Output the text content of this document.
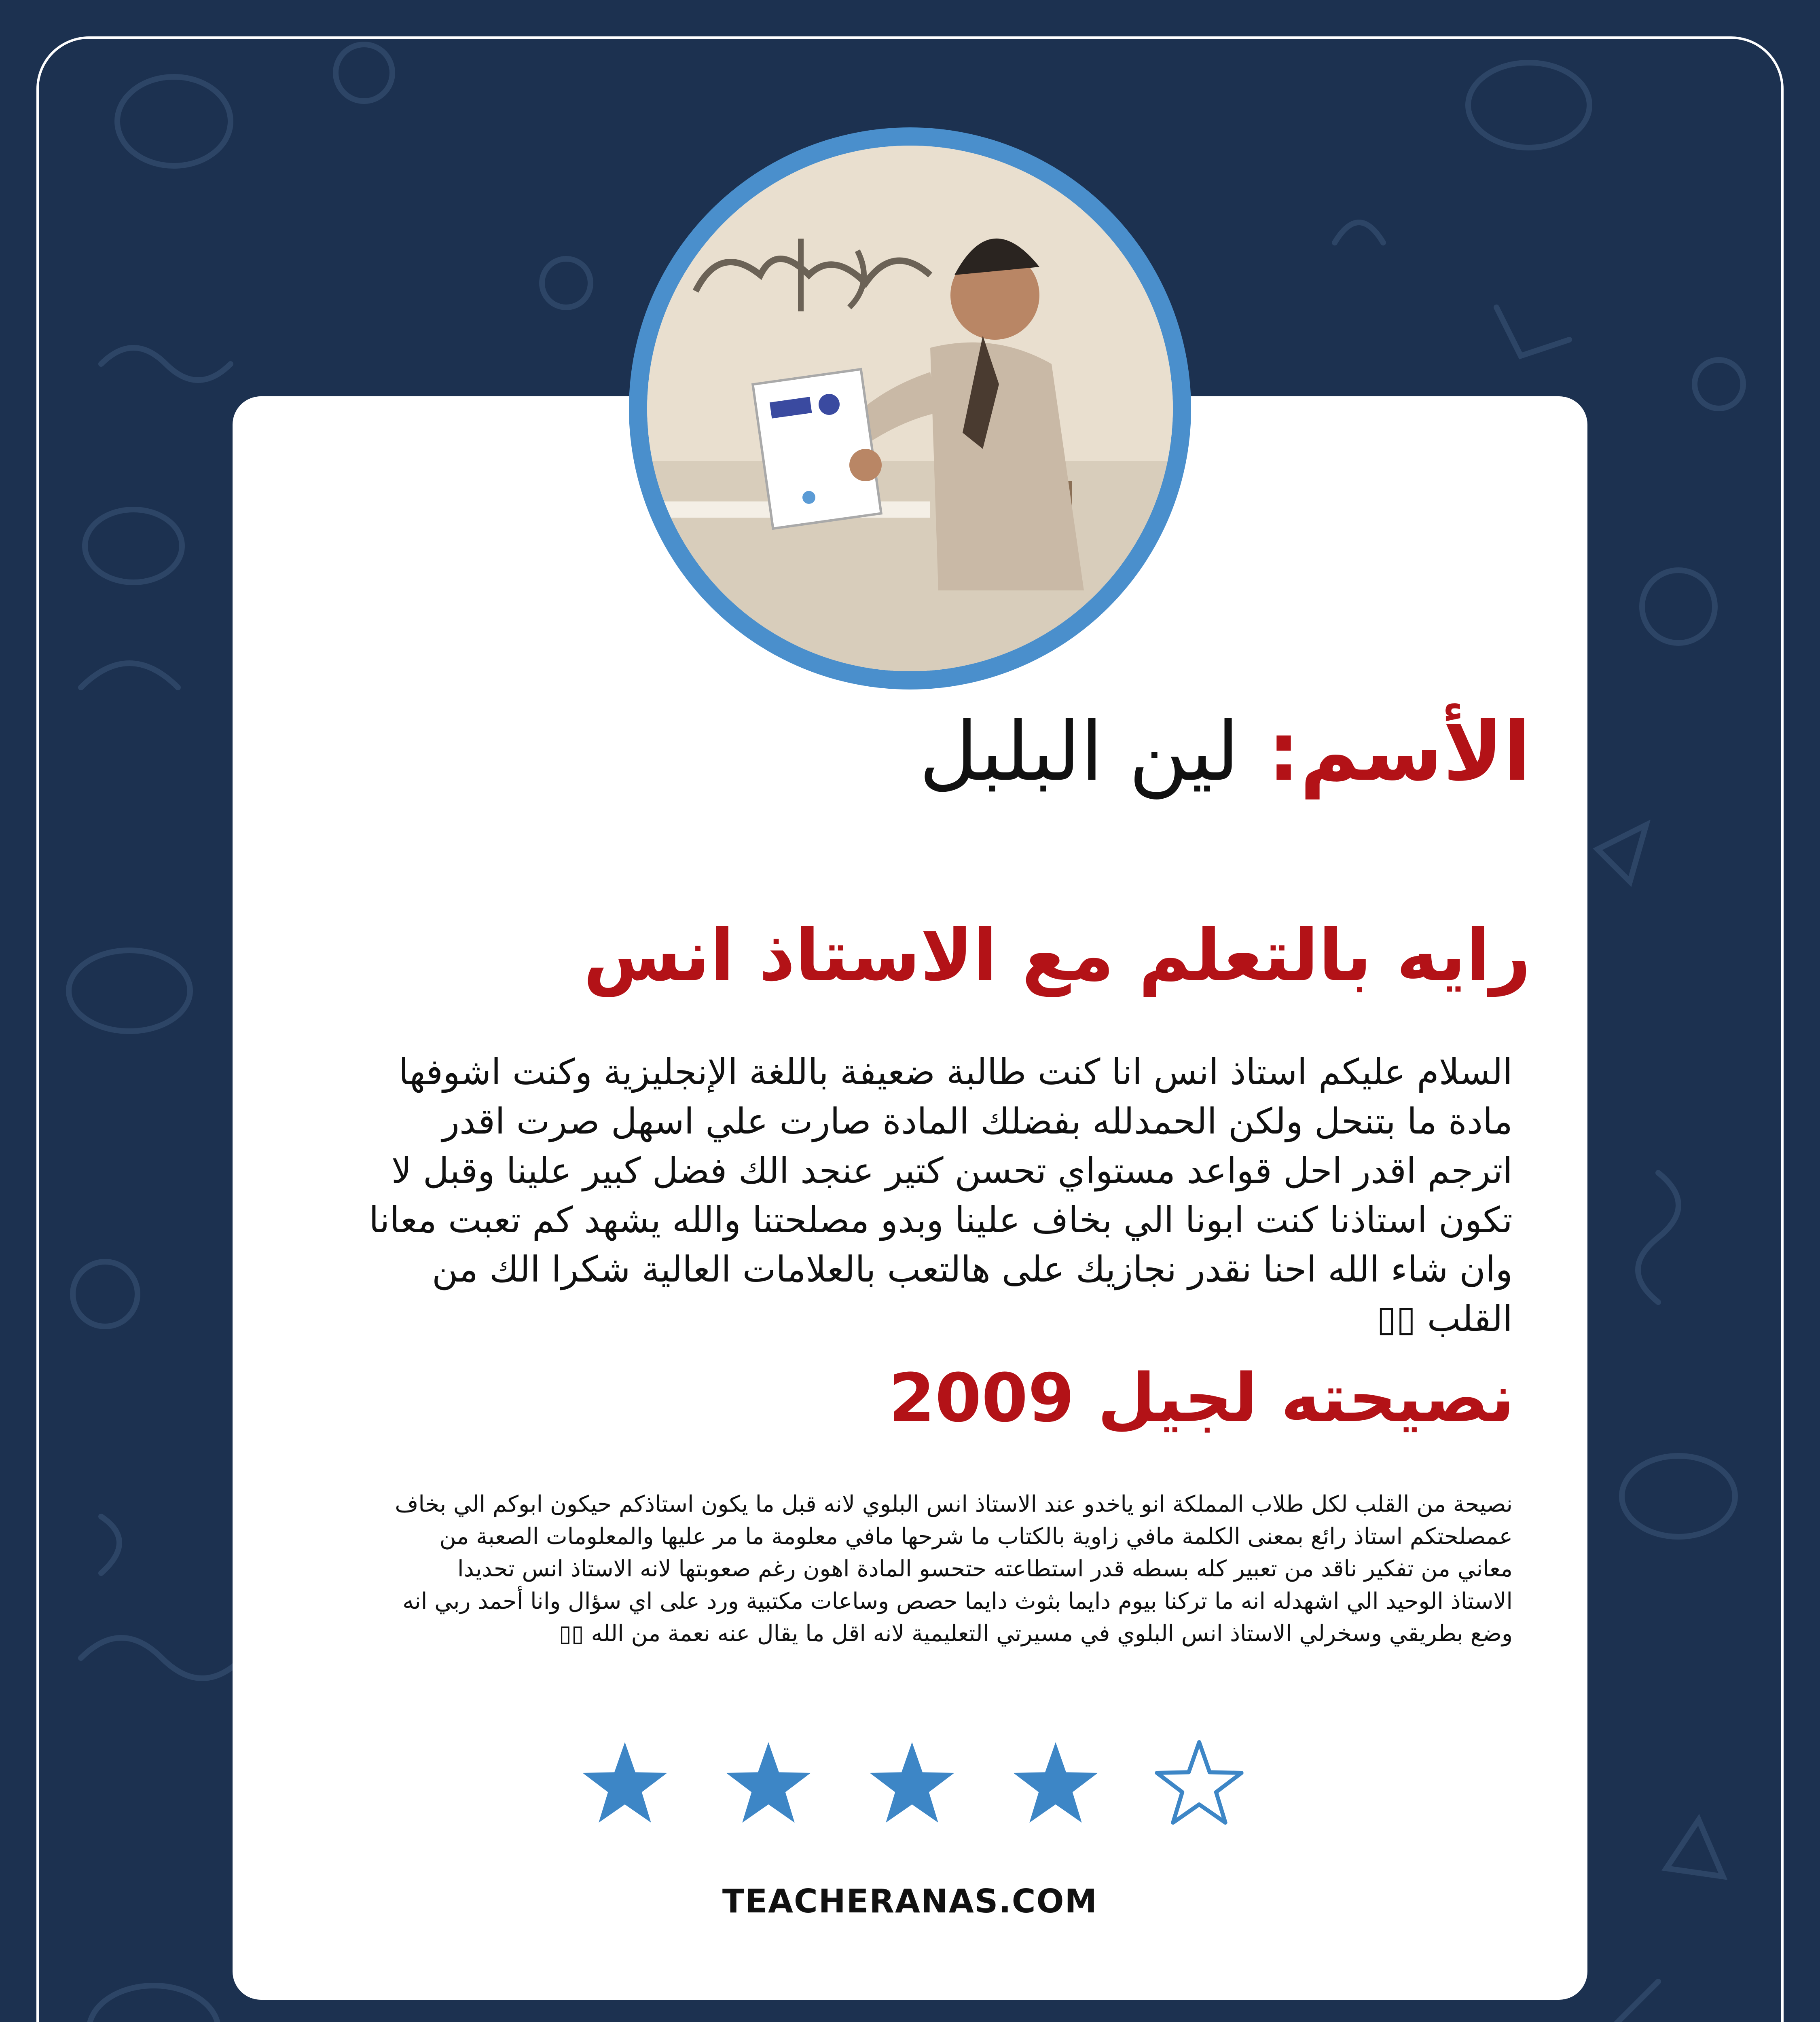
الأسم: لين البلبل
رايه بالتعلم مع الاستاذ انس
السلام عليكم استاذ انس انا كنت طالبة ضعيفة باللغة الإنجليزية وكنت اشوفها مادة ما بتنحل ولكن الحمدلله بفضلك المادة صارت علي اسهل صرت اقدر اترجم اقدر احل قواعد مستواي تحسن كتير عنجد الك فضل كبير علينا وقبل لا تكون استاذنا كنت ابونا الي بخاف علينا وبدو مصلحتنا والله يشهد كم تعبت معانا وان شاء الله احنا نقدر نجازيك على هالتعب بالعلامات العالية شكرا الك من القلب ▯▯
نصيحته لجيل 2009
نصيحة من القلب لكل طلاب المملكة انو ياخدو عند الاستاذ انس البلوي لانه قبل ما يكون استاذكم حيكون ابوكم الي بخاف عمصلحتكم استاذ رائع بمعنى الكلمة مافي زاوية بالكتاب ما شرحها مافي معلومة ما مر عليها والمعلومات الصعبة من معاني من تفكير ناقد من تعبير كله بسطه قدر استطاعته حتحسو المادة اهون رغم صعوبتها لانه الاستاذ انس تحديدا الاستاذ الوحيد الي اشهدله انه ما تركنا بيوم دايما بثوث دايما حصص وساعات مكتبية ورد على اي سؤال وانا أحمد ربي انه وضع بطريقي وسخرلي الاستاذ انس البلوي في مسيرتي التعليمية لانه اقل ما يقال عنه نعمة من الله ▯▯
TEACHERANAS.COM
